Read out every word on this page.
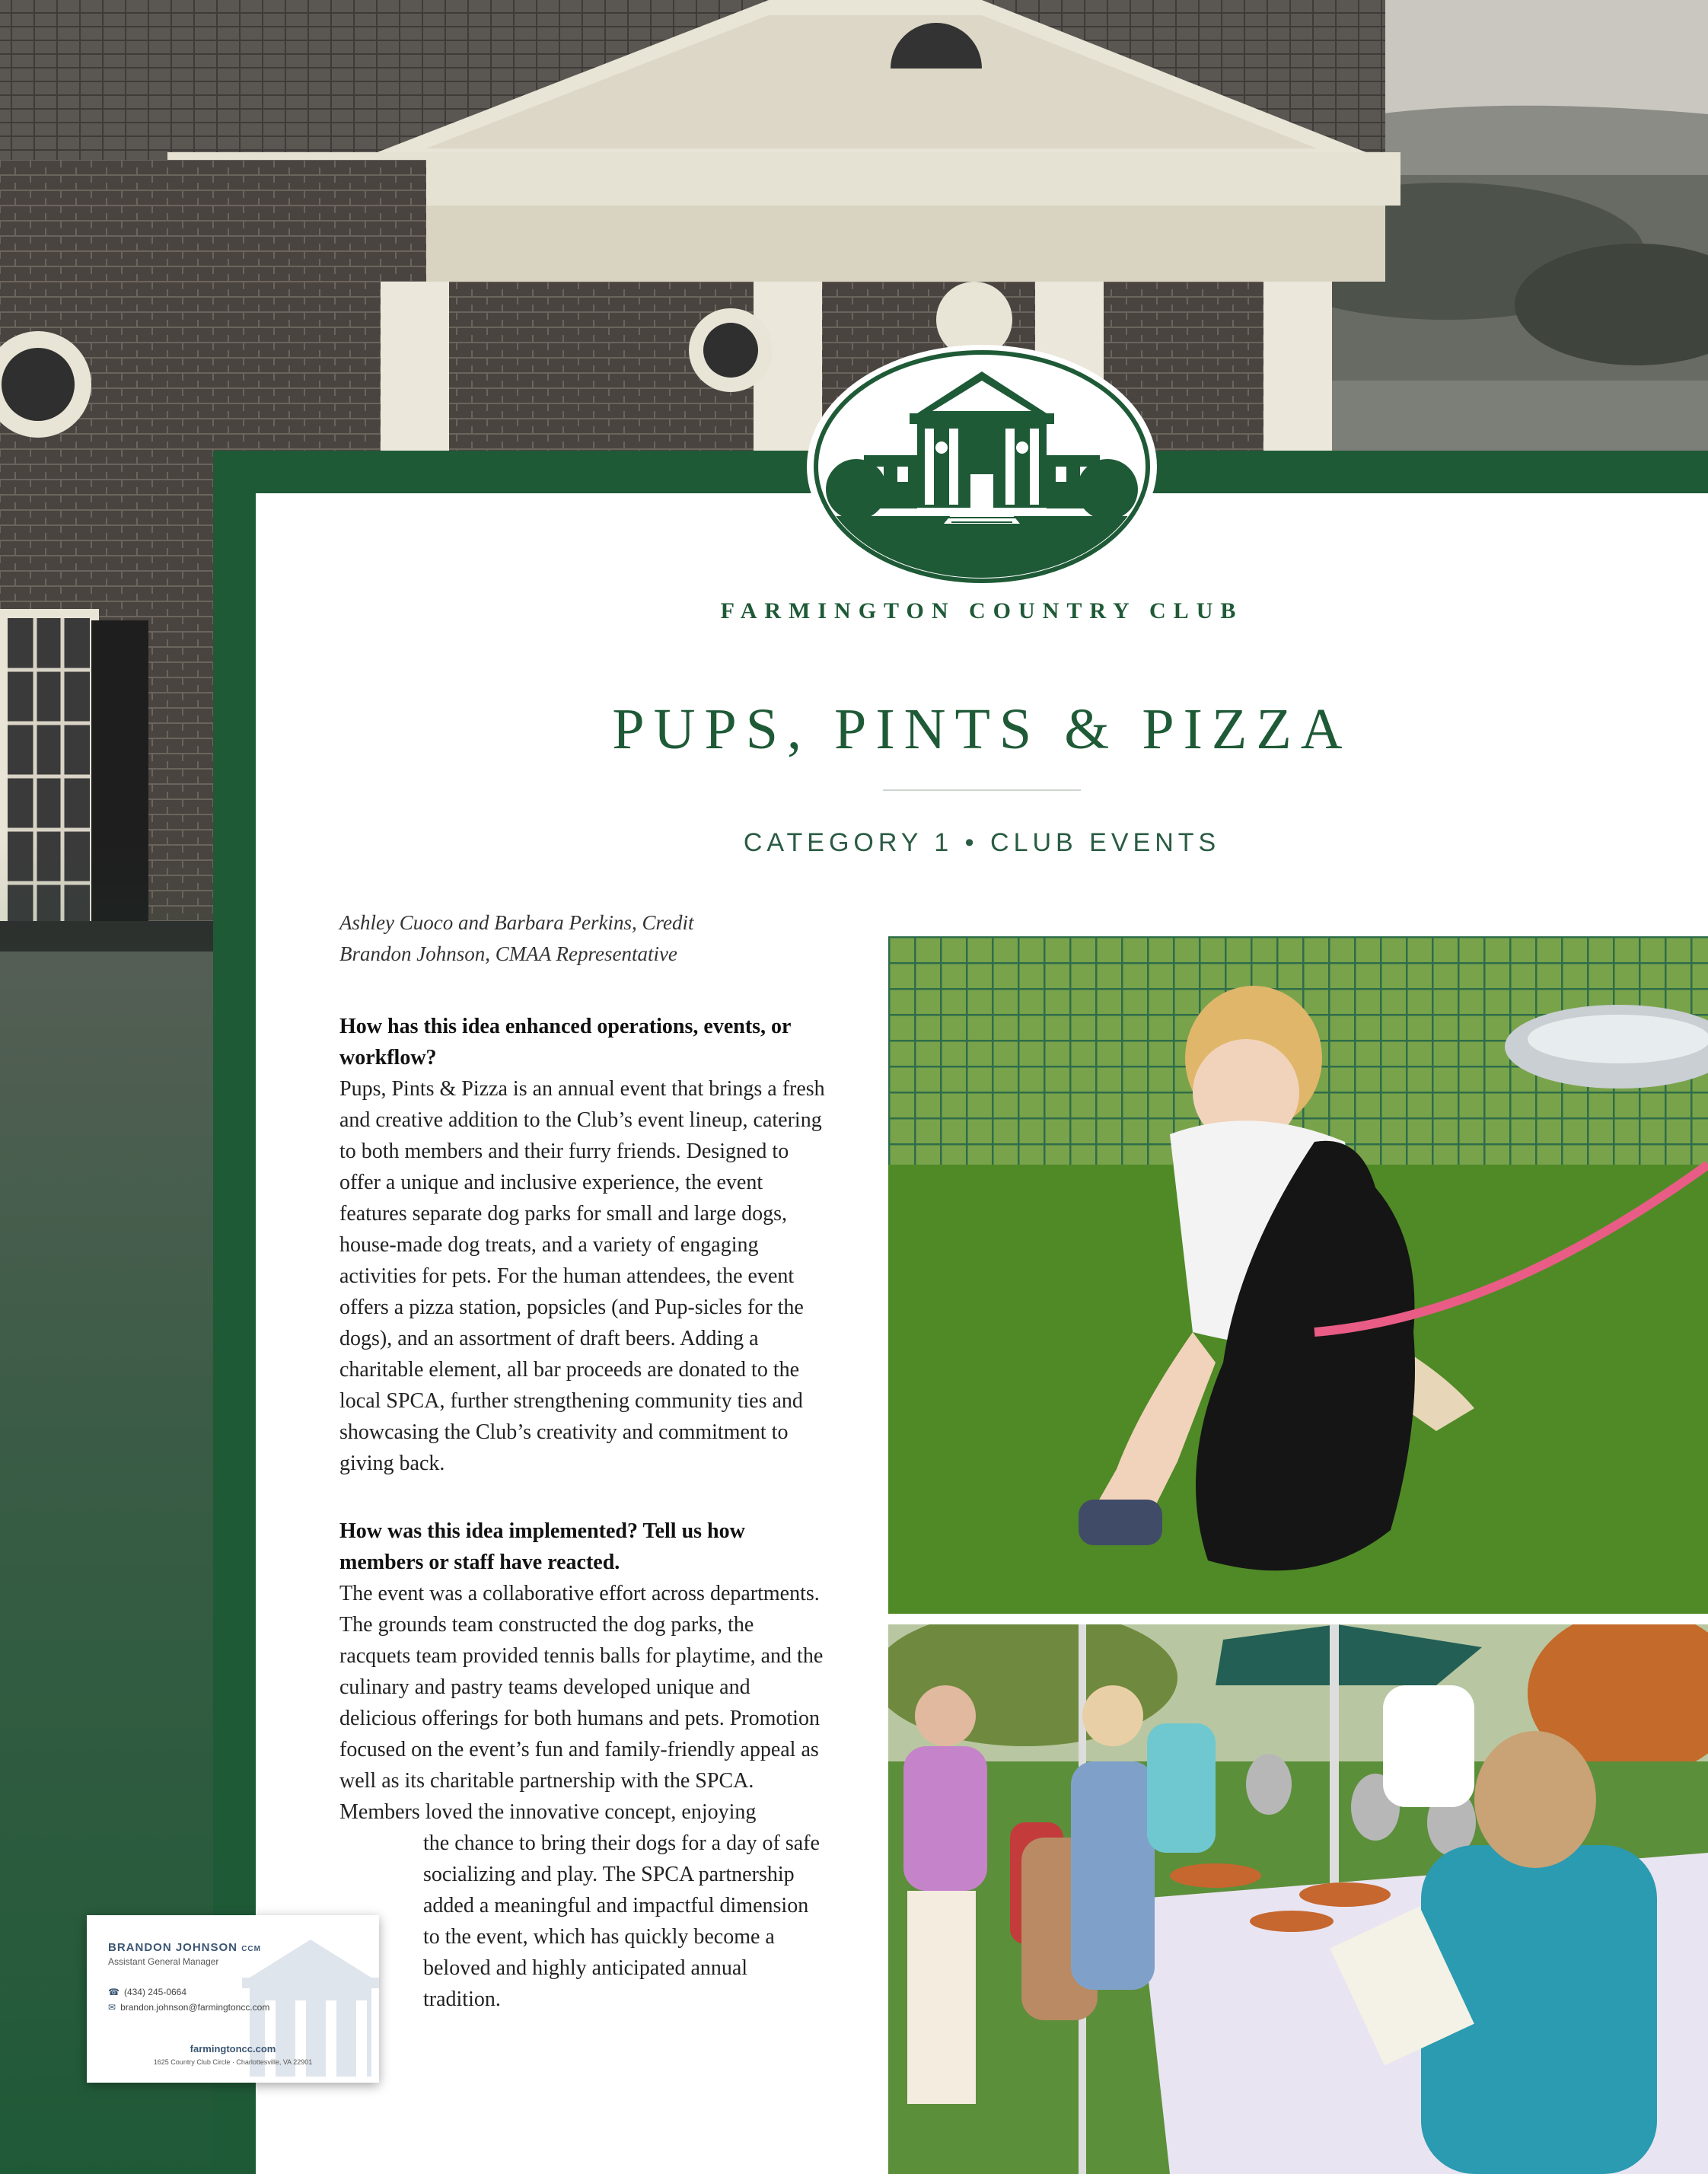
FARMINGTON COUNTRY CLUB
PUPS, PINTS & PIZZA
CATEGORY 1 • CLUB EVENTS

Ashley Cuoco and Barbara Perkins, Credit

Brandon Johnson, CMAA Representative

How has this idea enhanced operations, events, or workflow?

Pups, Pints & Pizza is an annual event that brings a fresh and creative addition to the Club’s event lineup, catering to both members and their furry friends. Designed to offer a unique and inclusive experience, the event features separate dog parks for small and large dogs, house-made dog treats, and a variety of engaging activities for pets. For the human attendees, the event offers a pizza station, popsicles (and Pup-sicles for the dogs), and an assortment of draft beers. Adding a charitable element, all bar proceeds are donated to the local SPCA, further strengthening community ties and showcasing the Club’s creativity and commitment to giving back.

How was this idea implemented? Tell us how members or staff have reacted.

The event was a collaborative effort across departments. The grounds team constructed the dog parks, the racquets team provided tennis balls for playtime, and the culinary and pastry teams developed unique and delicious offerings for both humans and pets. Promotion focused on the event’s fun and family-friendly appeal as well as its charitable partnership with the SPCA. Members loved the innovative concept, enjoying

the chance to bring their dogs for a day of safe socializing and play. The SPCA partnership added a meaningful and impactful dimension to the event, which has quickly become a beloved and highly anticipated annual tradition.

BRANDON JOHNSON CCM
Assistant General Manager
☎ (434) 245-0664
✉ brandon.johnson@farmingtoncc.com
farmingtoncc.com
1625 Country Club Circle · Charlottesville, VA 22901
